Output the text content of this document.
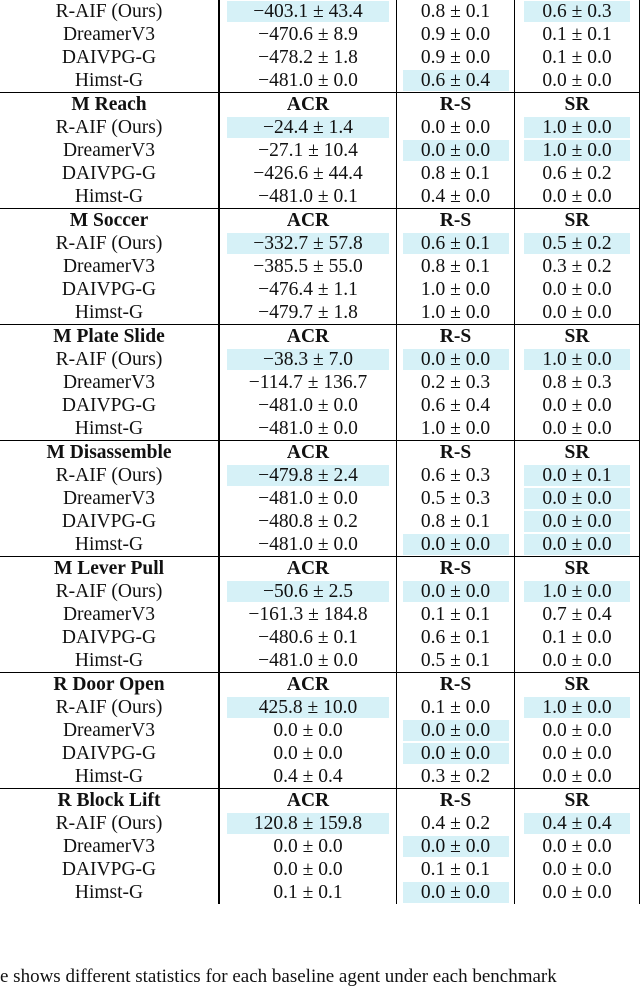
R-AIF (Ours)	−403.1 ± 43.4	0.8 ± 0.1	0.6 ± 0.3
DreamerV3	−470.6 ± 8.9	0.9 ± 0.0	0.1 ± 0.1
DAIVPG-G	−478.2 ± 1.8	0.9 ± 0.0	0.1 ± 0.0
Himst-G	−481.0 ± 0.0	0.6 ± 0.4	0.0 ± 0.0
M Reach	ACR	R-S	SR
R-AIF (Ours)	−24.4 ± 1.4	0.0 ± 0.0	1.0 ± 0.0
DreamerV3	−27.1 ± 10.4	0.0 ± 0.0	1.0 ± 0.0
DAIVPG-G	−426.6 ± 44.4	0.8 ± 0.1	0.6 ± 0.2
Himst-G	−481.0 ± 0.1	0.4 ± 0.0	0.0 ± 0.0
M Soccer	ACR	R-S	SR
R-AIF (Ours)	−332.7 ± 57.8	0.6 ± 0.1	0.5 ± 0.2
DreamerV3	−385.5 ± 55.0	0.8 ± 0.1	0.3 ± 0.2
DAIVPG-G	−476.4 ± 1.1	1.0 ± 0.0	0.0 ± 0.0
Himst-G	−479.7 ± 1.8	1.0 ± 0.0	0.0 ± 0.0
M Plate Slide	ACR	R-S	SR
R-AIF (Ours)	−38.3 ± 7.0	0.0 ± 0.0	1.0 ± 0.0
DreamerV3	−114.7 ± 136.7	0.2 ± 0.3	0.8 ± 0.3
DAIVPG-G	−481.0 ± 0.0	0.6 ± 0.4	0.0 ± 0.0
Himst-G	−481.0 ± 0.0	1.0 ± 0.0	0.0 ± 0.0
M Disassemble	ACR	R-S	SR
R-AIF (Ours)	−479.8 ± 2.4	0.6 ± 0.3	0.0 ± 0.1
DreamerV3	−481.0 ± 0.0	0.5 ± 0.3	0.0 ± 0.0
DAIVPG-G	−480.8 ± 0.2	0.8 ± 0.1	0.0 ± 0.0
Himst-G	−481.0 ± 0.0	0.0 ± 0.0	0.0 ± 0.0
M Lever Pull	ACR	R-S	SR
R-AIF (Ours)	−50.6 ± 2.5	0.0 ± 0.0	1.0 ± 0.0
DreamerV3	−161.3 ± 184.8	0.1 ± 0.1	0.7 ± 0.4
DAIVPG-G	−480.6 ± 0.1	0.6 ± 0.1	0.1 ± 0.0
Himst-G	−481.0 ± 0.0	0.5 ± 0.1	0.0 ± 0.0
R Door Open	ACR	R-S	SR
R-AIF (Ours)	425.8 ± 10.0	0.1 ± 0.0	1.0 ± 0.0
DreamerV3	0.0 ± 0.0	0.0 ± 0.0	0.0 ± 0.0
DAIVPG-G	0.0 ± 0.0	0.0 ± 0.0	0.0 ± 0.0
Himst-G	0.4 ± 0.4	0.3 ± 0.2	0.0 ± 0.0
R Block Lift	ACR	R-S	SR
R-AIF (Ours)	120.8 ± 159.8	0.4 ± 0.2	0.4 ± 0.4
DreamerV3	0.0 ± 0.0	0.0 ± 0.0	0.0 ± 0.0
DAIVPG-G	0.0 ± 0.0	0.1 ± 0.1	0.0 ± 0.0
Himst-G	0.1 ± 0.1	0.0 ± 0.0	0.0 ± 0.0
e shows different statistics for each baseline agent under each benchmark
